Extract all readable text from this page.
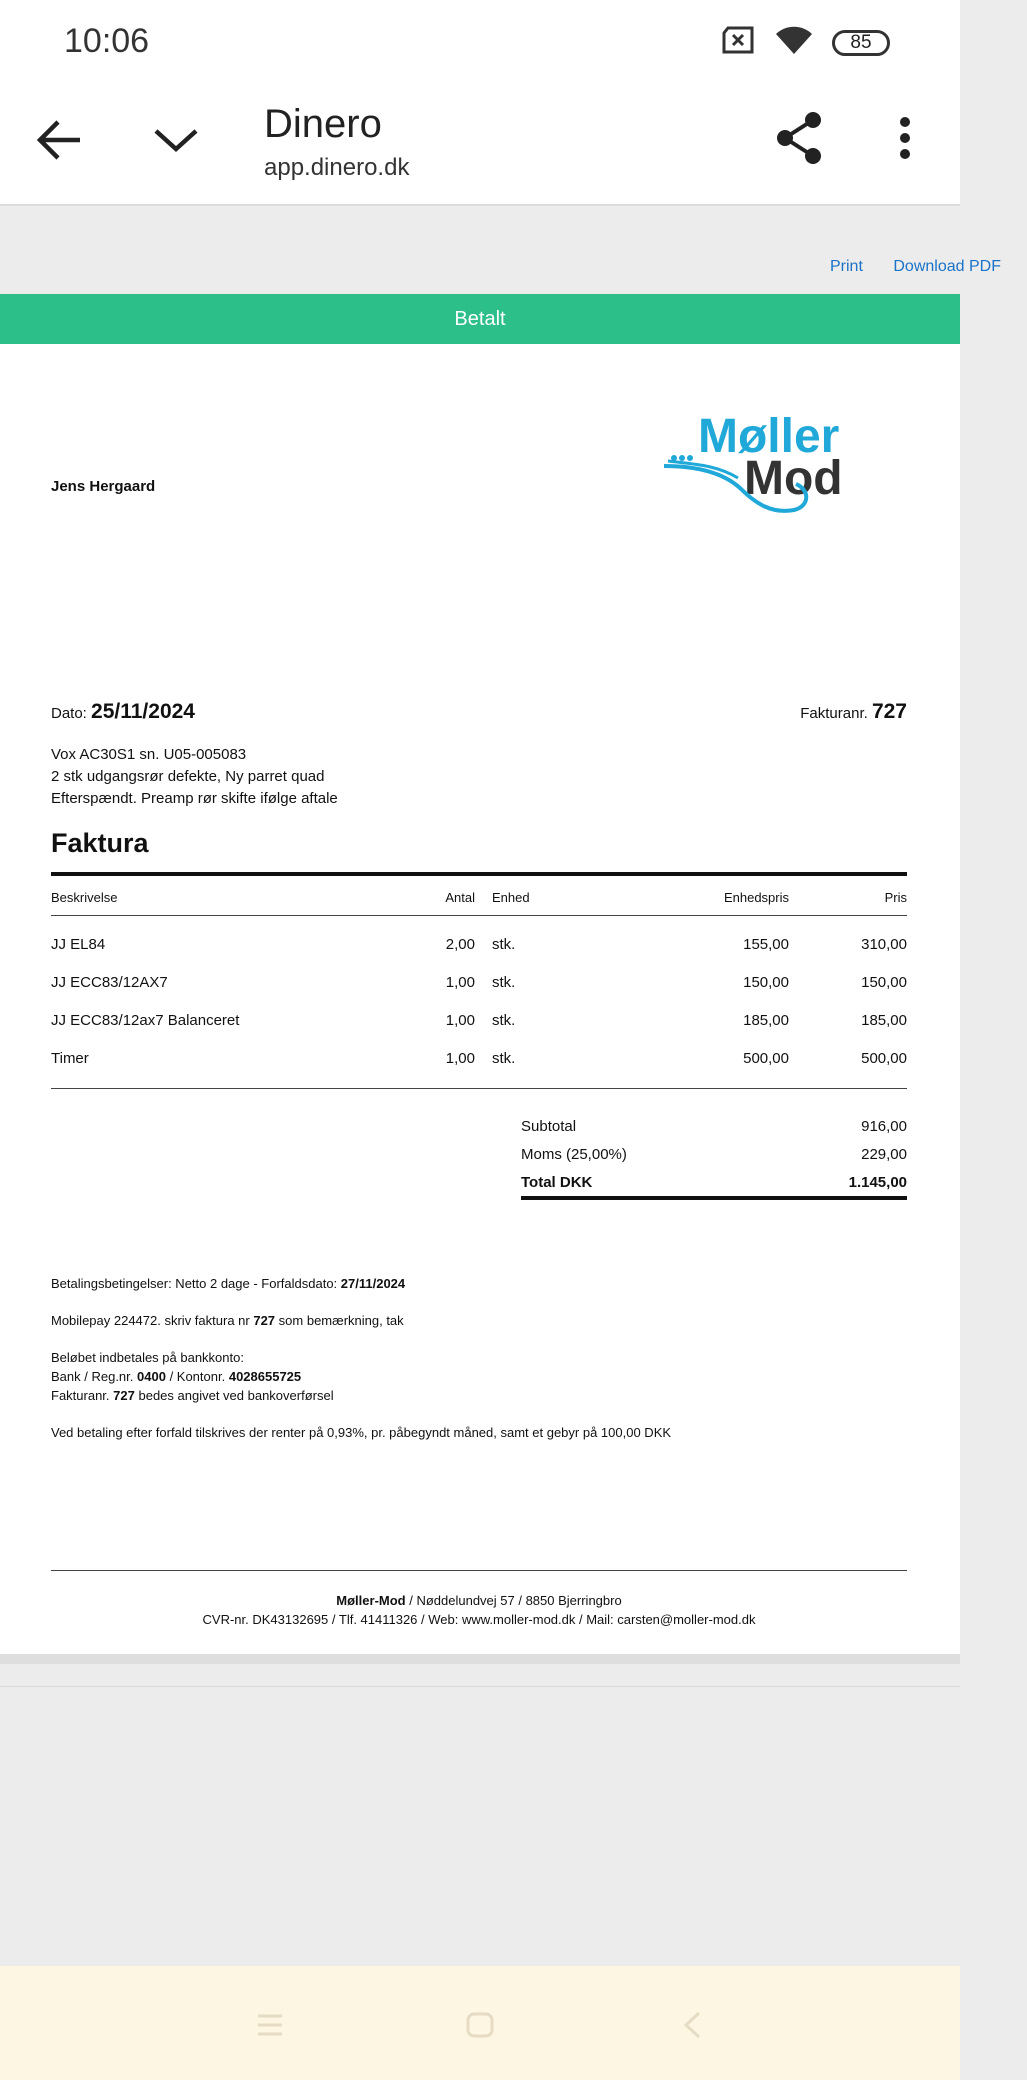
10:06	85
Dinero
app.dinero.dk
Print Download PDF
Betalt
Jens Hergaard
Møller
Mod
Dato: 25/11/2024	Fakturanr. 727
Vox AC30S1 sn. U05-005083
2 stk udgangsrør defekte, Ny parret quad
Efterspændt. Preamp rør skifte ifølge aftale
Faktura
Beskrivelse	Antal Enhed	Enhedspris	Pris
JJ EL84	2,00 stk.	155,00	310,00
JJ ECC83/12AX7	1,00 stk.	150,00	150,00
JJ ECC83/12ax7 Balanceret	1,00 stk.	185,00	185,00
Timer	1,00 stk.	500,00	500,00
Subtotal	916,00
Moms (25,00%)	229,00
Total DKK	1.145,00

Betalingsbetingelser: Netto 2 dage - Forfaldsdato: 27/11/2024

Mobilepay 224472. skriv faktura nr 727 som bemærkning, tak

Beløbet indbetales på bankkonto:
Bank / Reg.nr. 0400 / Kontonr. 4028655725
Fakturanr. 727 bedes angivet ved bankoverførsel

Ved betaling efter forfald tilskrives der renter på 0,93%, pr. påbegyndt måned, samt et gebyr på 100,00 DKK

Møller-Mod / Nøddelundvej 57 / 8850 Bjerringbro
CVR-nr. DK43132695 / Tlf. 41411326 / Web: www.moller-mod.dk / Mail: carsten@moller-mod.dk
